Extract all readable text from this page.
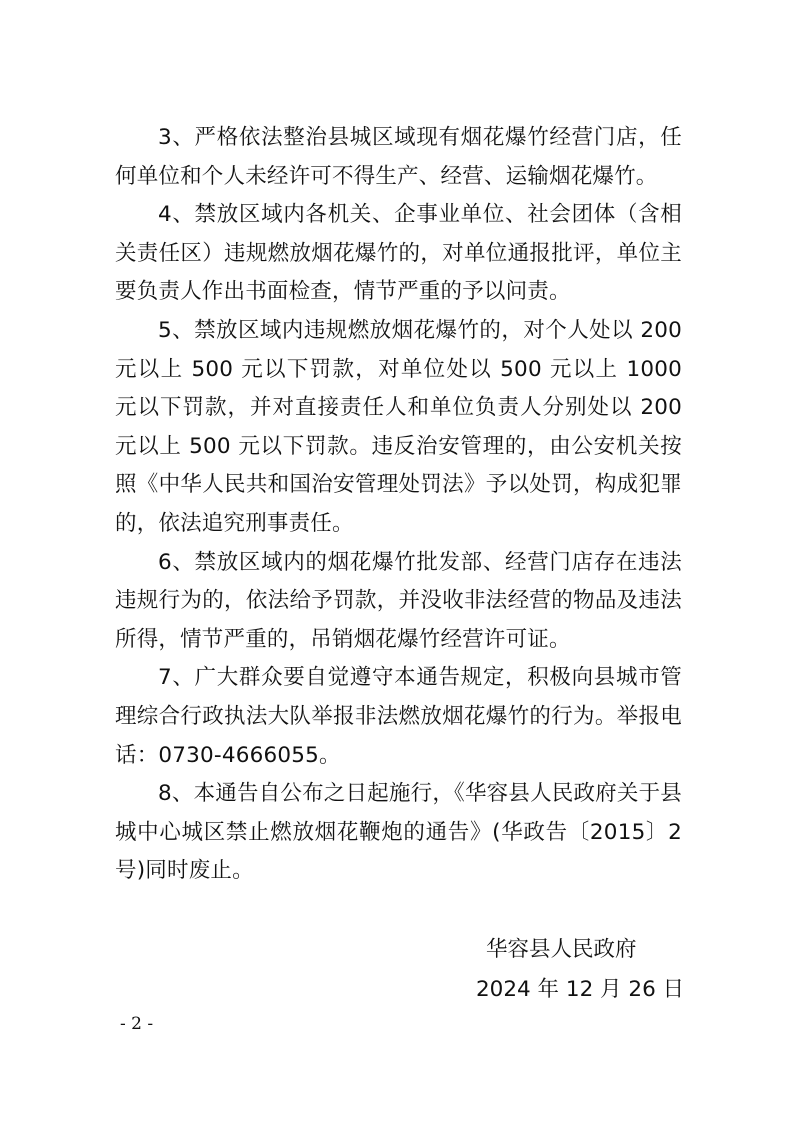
3、严格依法整治县城区域现有烟花爆竹经营门店，任何单位和个人未经许可不得生产、经营、运输烟花爆竹。

4、禁放区域内各机关、企事业单位、社会团体（含相关责任区）违规燃放烟花爆竹的，对单位通报批评，单位主要负责人作出书面检查，情节严重的予以问责。

5、禁放区域内违规燃放烟花爆竹的，对个人处以 200 元以上 500 元以下罚款，对单位处以 500 元以上 1000 元以下罚款，并对直接责任人和单位负责人分别处以 200 元以上 500 元以下罚款。违反治安管理的，由公安机关按照《中华人民共和国治安管理处罚法》予以处罚，构成犯罪的，依法追究刑事责任。

6、禁放区域内的烟花爆竹批发部、经营门店存在违法违规行为的，依法给予罚款，并没收非法经营的物品及违法所得，情节严重的，吊销烟花爆竹经营许可证。

7、广大群众要自觉遵守本通告规定，积极向县城市管理综合行政执法大队举报非法燃放烟花爆竹的行为。举报电话：0730-4666055。

8、本通告自公布之日起施行，《华容县人民政府关于县城中心城区禁止燃放烟花鞭炮的通告》(华政告〔2015〕2 号)同时废止。

华容县人民政府
2024 年 12 月 26 日
- 2 -
